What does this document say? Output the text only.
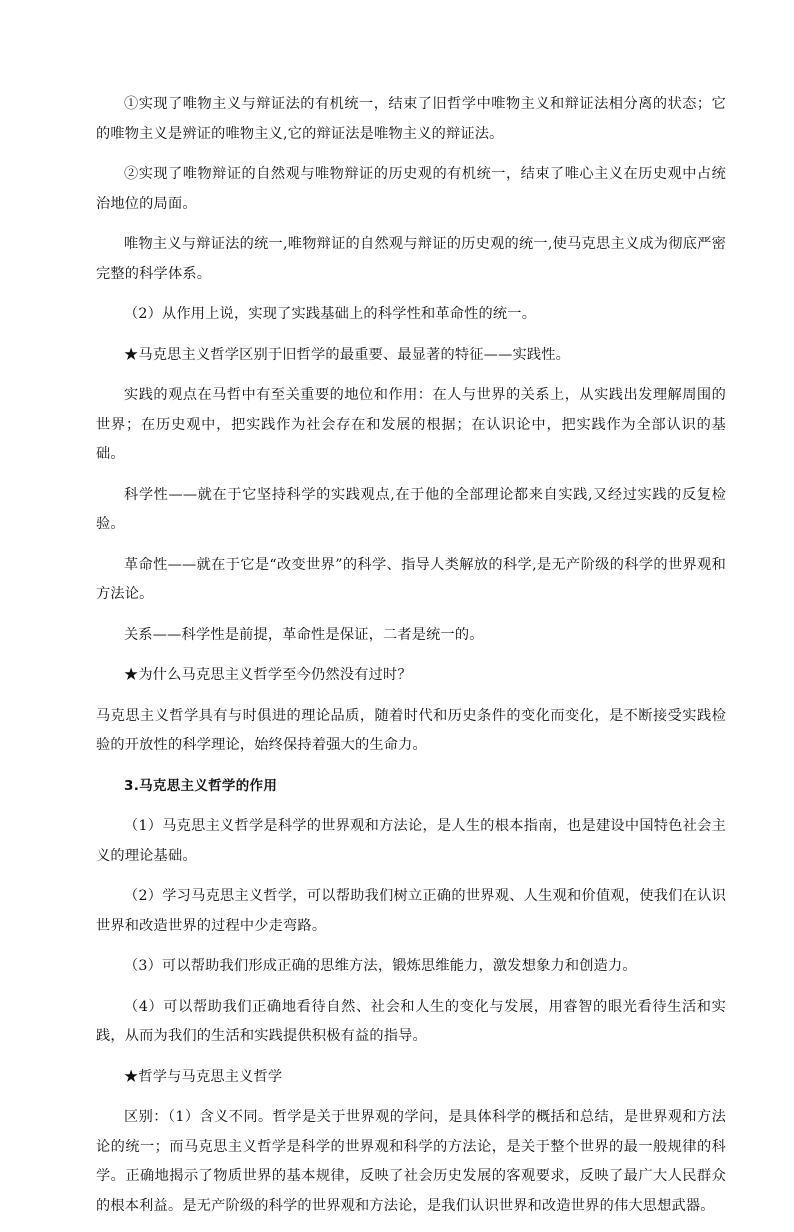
①实现了唯物主义与辩证法的有机统一，结束了旧哲学中唯物主义和辩证法相分离的状态；它的唯物主义是辨证的唯物主义,它的辩证法是唯物主义的辩证法。

②实现了唯物辩证的自然观与唯物辩证的历史观的有机统一，结束了唯心主义在历史观中占统治地位的局面。

唯物主义与辩证法的统一,唯物辩证的自然观与辩证的历史观的统一,使马克思主义成为彻底严密完整的科学体系。

（2）从作用上说，实现了实践基础上的科学性和革命性的统一。

★马克思主义哲学区别于旧哲学的最重要、最显著的特征——实践性。

实践的观点在马哲中有至关重要的地位和作用：在人与世界的关系上，从实践出发理解周围的世界；在历史观中，把实践作为社会存在和发展的根据；在认识论中，把实践作为全部认识的基础。

科学性——就在于它坚持科学的实践观点,在于他的全部理论都来自实践,又经过实践的反复检验。

革命性——就在于它是“改变世界”的科学、指导人类解放的科学,是无产阶级的科学的世界观和方法论。

关系——科学性是前提，革命性是保证，二者是统一的。

★为什么马克思主义哲学至今仍然没有过时？

马克思主义哲学具有与时俱进的理论品质，随着时代和历史条件的变化而变化，是不断接受实践检验的开放性的科学理论，始终保持着强大的生命力。

3.马克思主义哲学的作用

（1）马克思主义哲学是科学的世界观和方法论，是人生的根本指南，也是建设中国特色社会主义的理论基础。

（2）学习马克思主义哲学，可以帮助我们树立正确的世界观、人生观和价值观，使我们在认识世界和改造世界的过程中少走弯路。

（3）可以帮助我们形成正确的思维方法，锻炼思维能力，激发想象力和创造力。

（4）可以帮助我们正确地看待自然、社会和人生的变化与发展，用睿智的眼光看待生活和实践，从而为我们的生活和实践提供积极有益的指导。

★哲学与马克思主义哲学

区别：（1）含义不同。哲学是关于世界观的学问，是具体科学的概括和总结，是世界观和方法论的统一；而马克思主义哲学是科学的世界观和科学的方法论，是关于整个世界的最一般规律的科学。正确地揭示了物质世界的基本规律，反映了社会历史发展的客观要求，反映了最广大人民群众的根本利益。是无产阶级的科学的世界观和方法论，是我们认识世界和改造世界的伟大思想武器。
